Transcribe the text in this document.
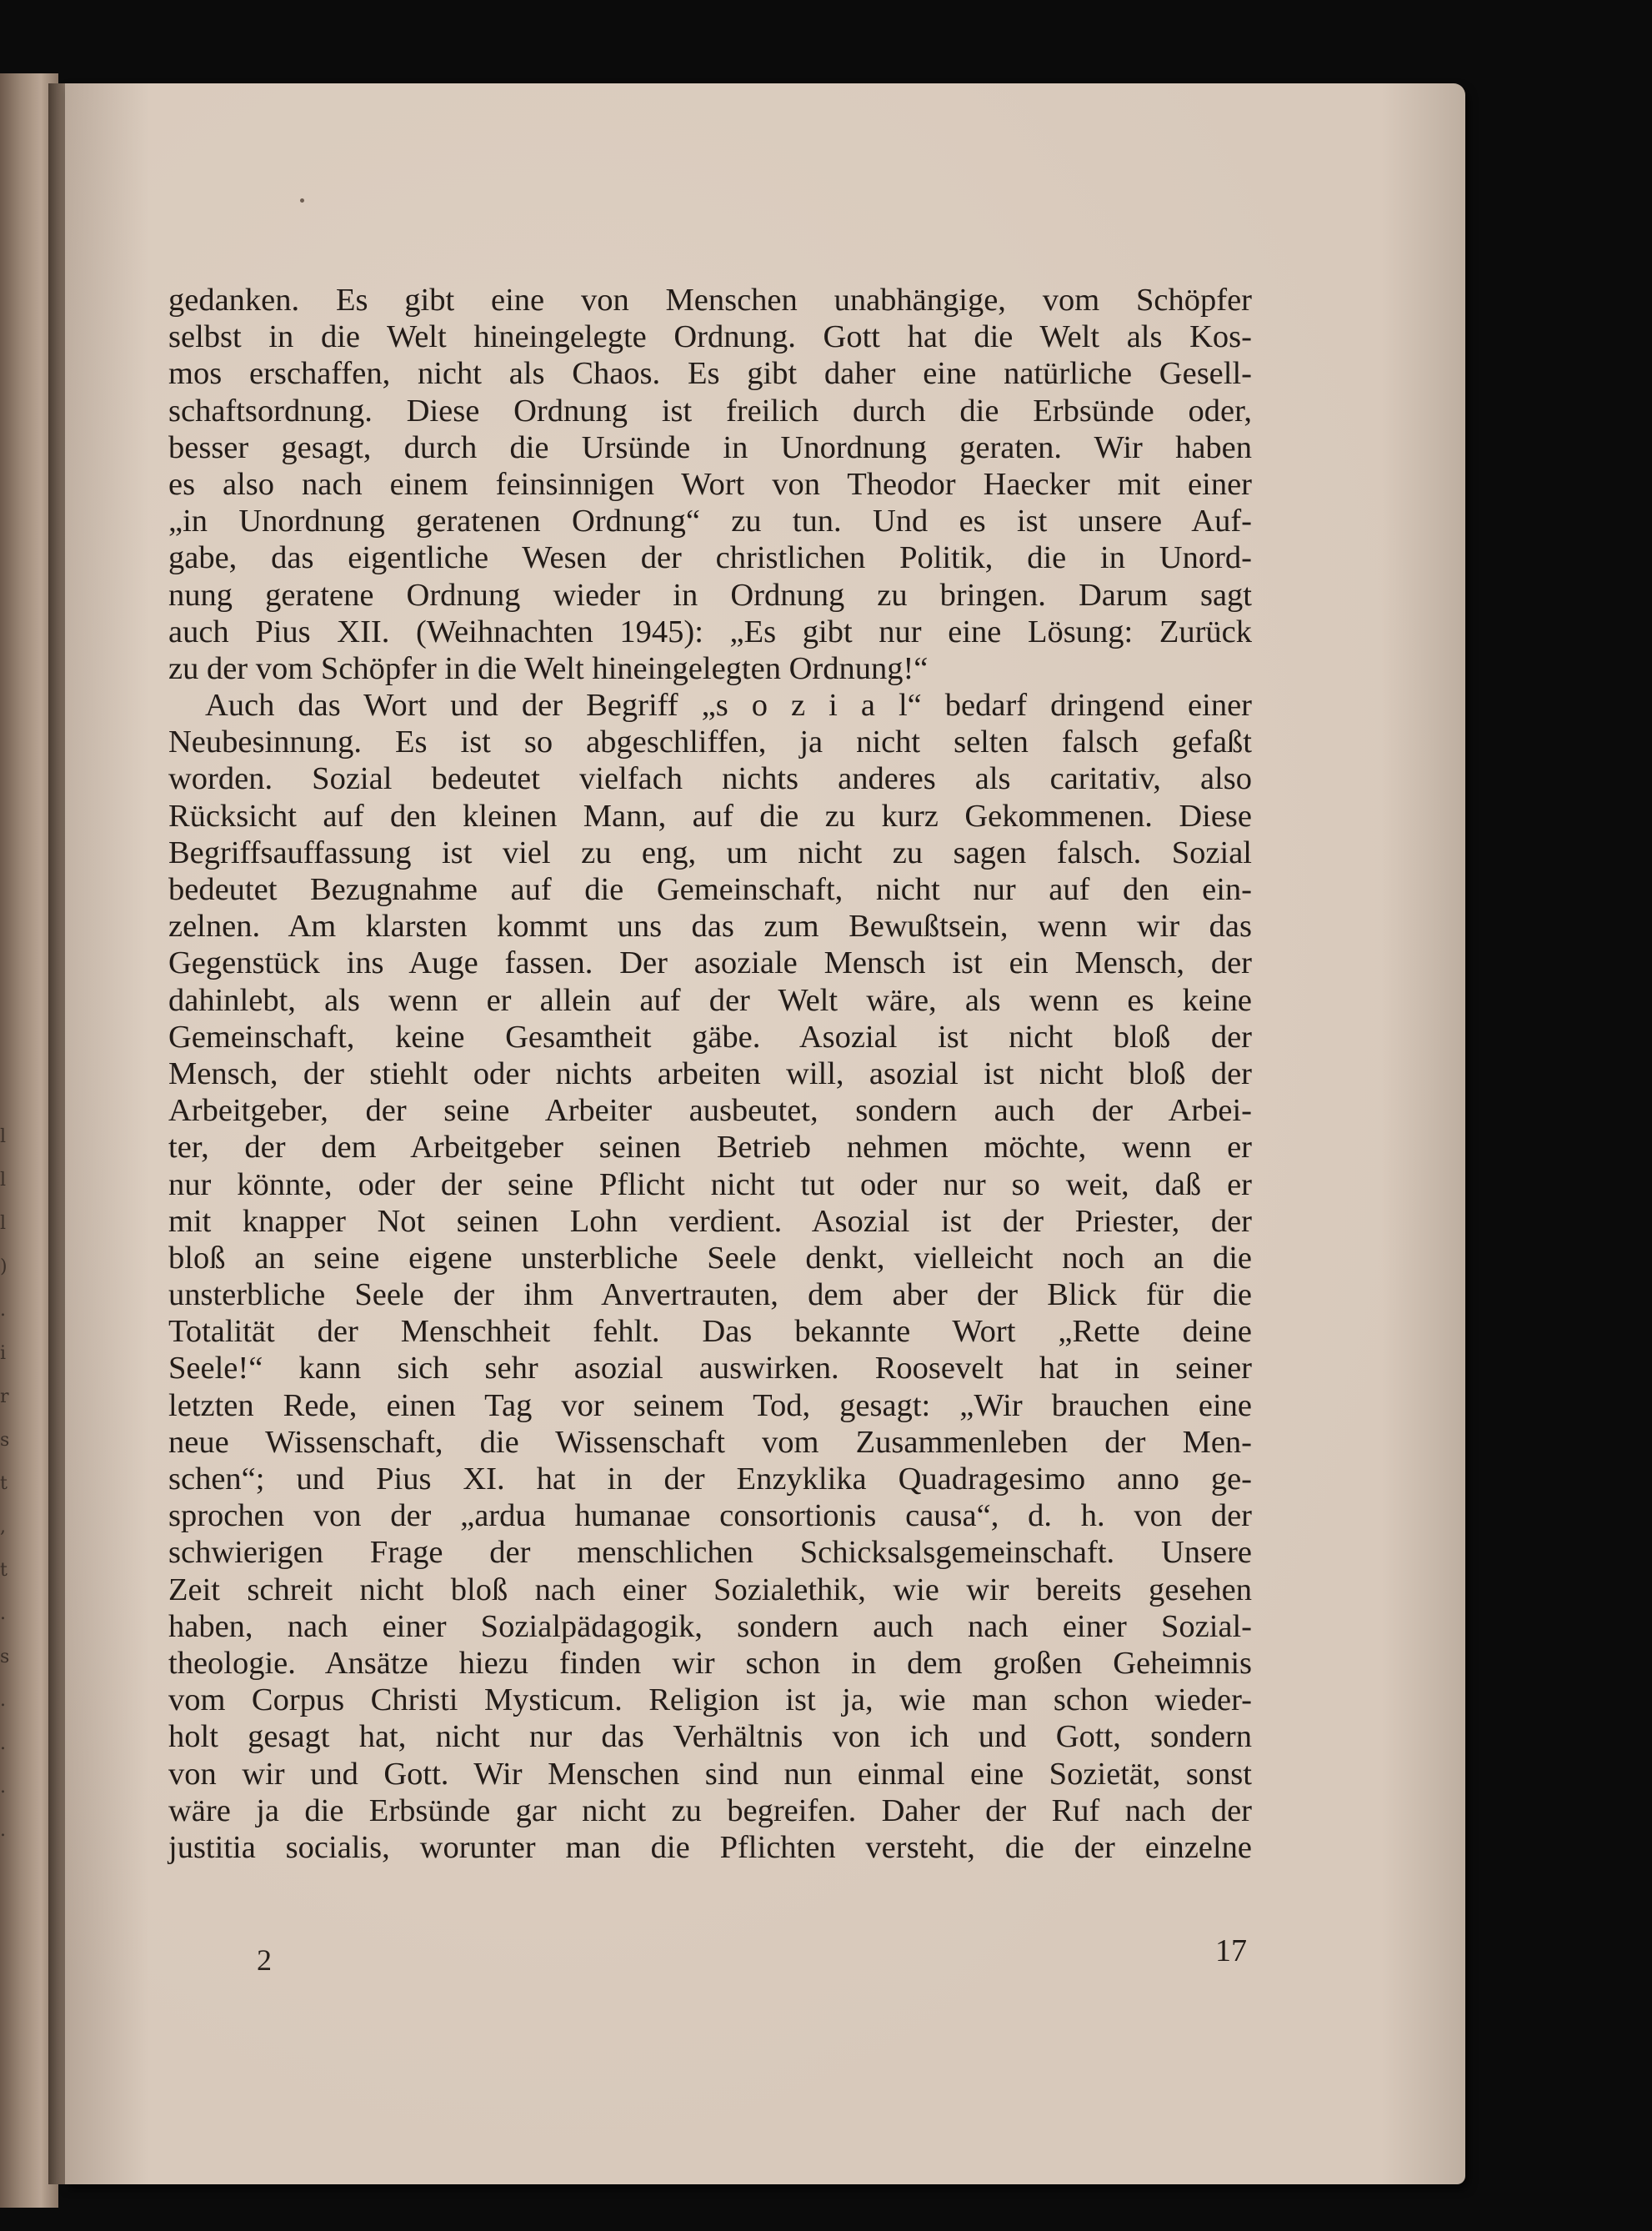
l
l
l
)
.
i
r
s
t
,
t
.
s
.
.
.
.
gedanken. Es gibt eine von Menschen unabhängige, vom Schöpfer
selbst in die Welt hineingelegte Ordnung. Gott hat die Welt als Kos-
mos erschaffen, nicht als Chaos. Es gibt daher eine natürliche Gesell-
schaftsordnung. Diese Ordnung ist freilich durch die Erbsünde oder,
besser gesagt, durch die Ursünde in Unordnung geraten. Wir haben
es also nach einem feinsinnigen Wort von Theodor Haecker mit einer
„in Unordnung geratenen Ordnung“ zu tun. Und es ist unsere Auf-
gabe, das eigentliche Wesen der christlichen Politik, die in Unord-
nung geratene Ordnung wieder in Ordnung zu bringen. Darum sagt
auch Pius XII. (Weihnachten 1945): „Es gibt nur eine Lösung: Zurück
zu der vom Schöpfer in die Welt hineingelegten Ordnung!“
Auch das Wort und der Begriff „s o z i a l“ bedarf dringend einer
Neubesinnung. Es ist so abgeschliffen, ja nicht selten falsch gefaßt
worden. Sozial bedeutet vielfach nichts anderes als caritativ, also
Rücksicht auf den kleinen Mann, auf die zu kurz Gekommenen. Diese
Begriffsauffassung ist viel zu eng, um nicht zu sagen falsch. Sozial
bedeutet Bezugnahme auf die Gemeinschaft, nicht nur auf den ein-
zelnen. Am klarsten kommt uns das zum Bewußtsein, wenn wir das
Gegenstück ins Auge fassen. Der asoziale Mensch ist ein Mensch, der
dahinlebt, als wenn er allein auf der Welt wäre, als wenn es keine
Gemeinschaft, keine Gesamtheit gäbe. Asozial ist nicht bloß der
Mensch, der stiehlt oder nichts arbeiten will, asozial ist nicht bloß der
Arbeitgeber, der seine Arbeiter ausbeutet, sondern auch der Arbei-
ter, der dem Arbeitgeber seinen Betrieb nehmen möchte, wenn er
nur könnte, oder der seine Pflicht nicht tut oder nur so weit, daß er
mit knapper Not seinen Lohn verdient. Asozial ist der Priester, der
bloß an seine eigene unsterbliche Seele denkt, vielleicht noch an die
unsterbliche Seele der ihm Anvertrauten, dem aber der Blick für die
Totalität der Menschheit fehlt. Das bekannte Wort „Rette deine
Seele!“ kann sich sehr asozial auswirken. Roosevelt hat in seiner
letzten Rede, einen Tag vor seinem Tod, gesagt: „Wir brauchen eine
neue Wissenschaft, die Wissenschaft vom Zusammenleben der Men-
schen“; und Pius XI. hat in der Enzyklika Quadragesimo anno ge-
sprochen von der „ardua humanae consortionis causa“, d. h. von der
schwierigen Frage der menschlichen Schicksalsgemeinschaft. Unsere
Zeit schreit nicht bloß nach einer Sozialethik, wie wir bereits gesehen
haben, nach einer Sozialpädagogik, sondern auch nach einer Sozial-
theologie. Ansätze hiezu finden wir schon in dem großen Geheimnis
vom Corpus Christi Mysticum. Religion ist ja, wie man schon wieder-
holt gesagt hat, nicht nur das Verhältnis von ich und Gott, sondern
von wir und Gott. Wir Menschen sind nun einmal eine Sozietät, sonst
wäre ja die Erbsünde gar nicht zu begreifen. Daher der Ruf nach der
justitia socialis, worunter man die Pflichten versteht, die der einzelne
2	17
